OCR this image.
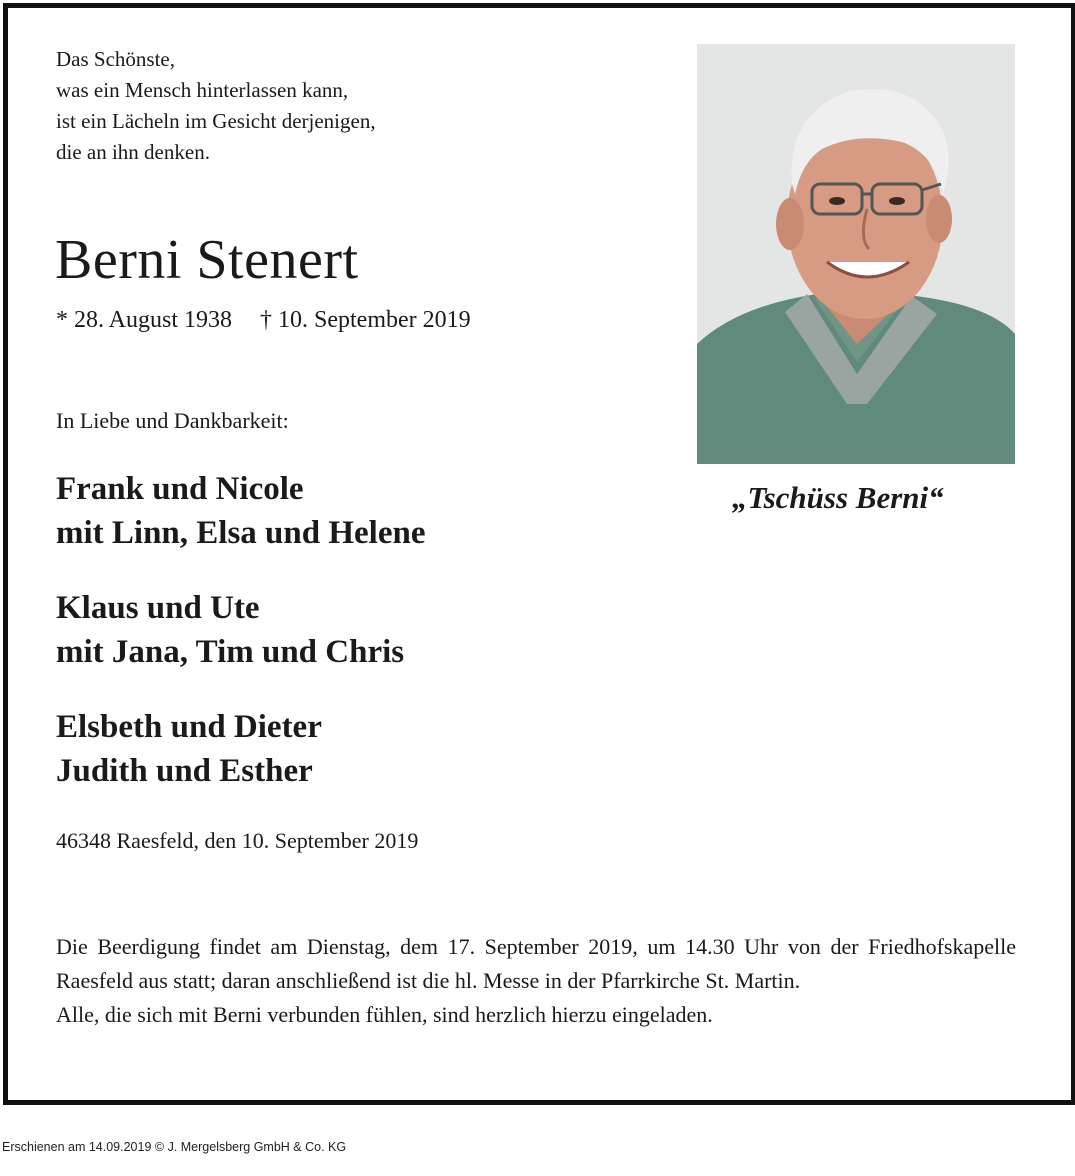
Das Schönste,
was ein Mensch hinterlassen kann,
ist ein Lächeln im Gesicht derjenigen,
die an ihn denken.
Berni Stenert
* 28. August 1938 † 10. September 2019
In Liebe und Dankbarkeit:
Frank und Nicole
mit Linn, Elsa und Helene
Klaus und Ute
mit Jana, Tim und Chris
Elsbeth und Dieter
Judith und Esther
46348 Raesfeld, den 10. September 2019
„Tschüss Berni“

Die Beerdigung findet am Dienstag, dem 17. September 2019, um 14.30 Uhr von der Friedhofskapelle Raesfeld aus statt; daran anschließend ist die hl. Messe in der Pfarrkirche St. Martin.

Alle, die sich mit Berni verbunden fühlen, sind herzlich hierzu eingeladen.

Erschienen am 14.09.2019 © J. Mergelsberg GmbH & Co. KG
